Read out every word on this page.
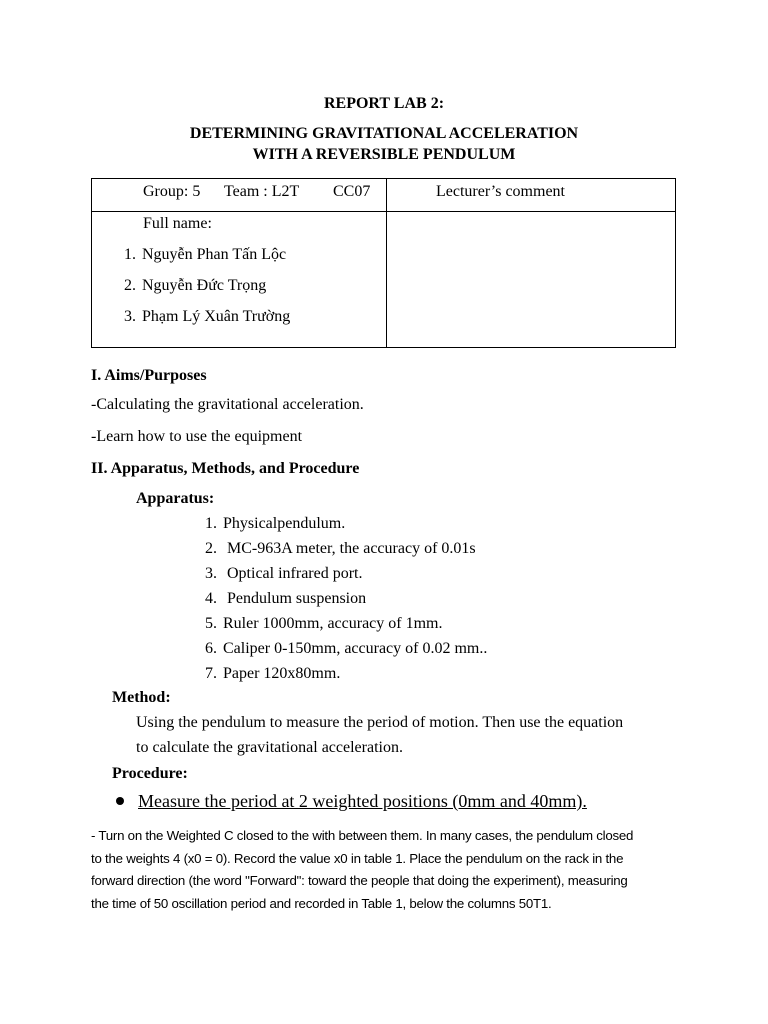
REPORT LAB 2:
DETERMINING GRAVITATIONAL ACCELERATION
WITH A REVERSIBLE PENDULUM
Group: 5 Team : L2T CC07	Lecturer’s comment
Full name:
1. Nguyễn Phan Tấn Lộc
2. Nguyễn Đức Trọng
3. Phạm Lý Xuân Trường
I. Aims/Purposes
-Calculating the gravitational acceleration.
-Learn how to use the equipment
II. Apparatus, Methods, and Procedure
Apparatus:
1. Physicalpendulum.
2. MC-963A meter, the accuracy of 0.01s
3. Optical infrared port.
4. Pendulum suspension
5. Ruler 1000mm, accuracy of 1mm.
6. Caliper 0-150mm, accuracy of 0.02 mm..
7. Paper 120x80mm.
Method:
Using the pendulum to measure the period of motion. Then use the equation
to calculate the gravitational acceleration.
Procedure:
Measure the period at 2 weighted positions (0mm and 40mm).
- Turn on the Weighted C closed to the with between them. In many cases, the pendulum closed
to the weights 4 (x0 = 0). Record the value x0 in table 1. Place the pendulum on the rack in the
forward direction (the word "Forward": toward the people that doing the experiment), measuring
the time of 50 oscillation period and recorded in Table 1, below the columns 50T1.
